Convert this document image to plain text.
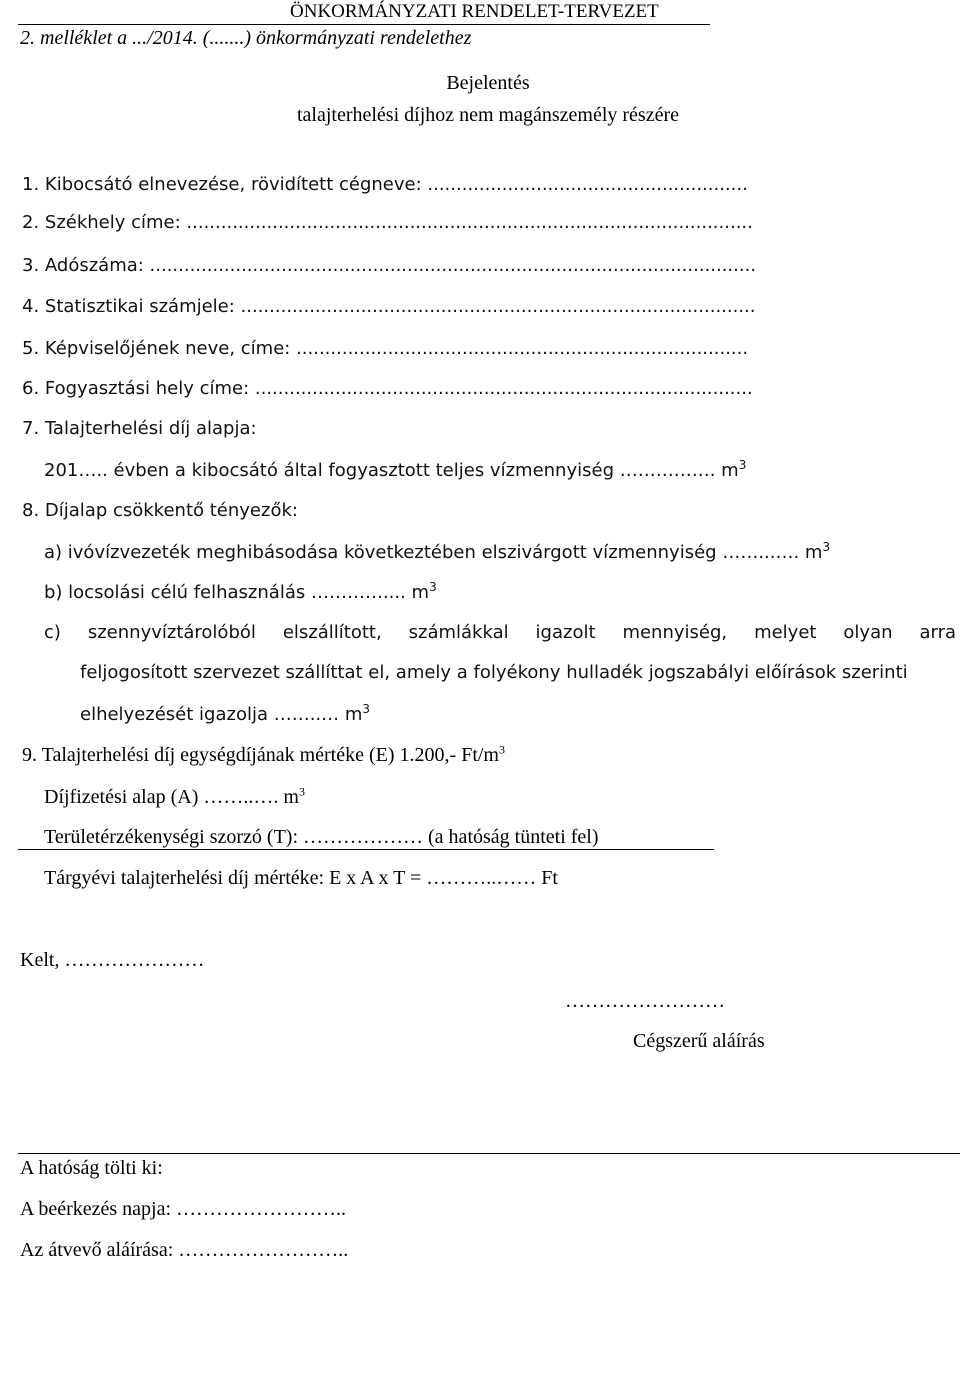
ÖNKORMÁNYZATI RENDELET-TERVEZET
2. melléklet a .../2014. (.......) önkormányzati rendelethez
Bejelentés
talajterhelési díjhoz nem magánszemély részére
1. Kibocsátó elnevezése, rövidített cégneve: ........................................................
2. Székhely címe: ...................................................................................................
3. Adószáma: ..........................................................................................................
4. Statisztikai számjele: ..........................................................................................
5. Képviselőjének neve, címe: ...............................................................................
6. Fogyasztási hely címe: .......................................................................................
7. Talajterhelési díj alapja:
201….. évben a kibocsátó által fogyasztott teljes vízmennyiség ……………. $m^3$
8. Díjalap csökkentő tényezők:
a) ivóvízvezeték meghibásodása következtében elszivárgott vízmennyiség ……...…. $m^3$
b) locsolási célú felhasználás ………….... $m^3$
c) szennyvíztárolóból elszállított, számlákkal igazolt mennyiség, melyet olyan arra
feljogosított szervezet szállíttat el, amely a folyékony hulladék jogszabályi előírások szerinti
elhelyezését igazolja ……..… $m^3$
9. Talajterhelési díj egységdíjának mértéke (E) 1.200,- $Ft/m^3$
Díjfizetési alap (A) ……..…. $m^3$
Területérzékenységi szorzó (T): ……………… (a hatóság tünteti fel)
Tárgyévi talajterhelési díj mértéke: E x A x T = ………..…… Ft
Kelt, …………………
……………………
Cégszerű aláírás
A hatóság tölti ki:
A beérkezés napja: ……………………..
Az átvevő aláírása: ……………………..
